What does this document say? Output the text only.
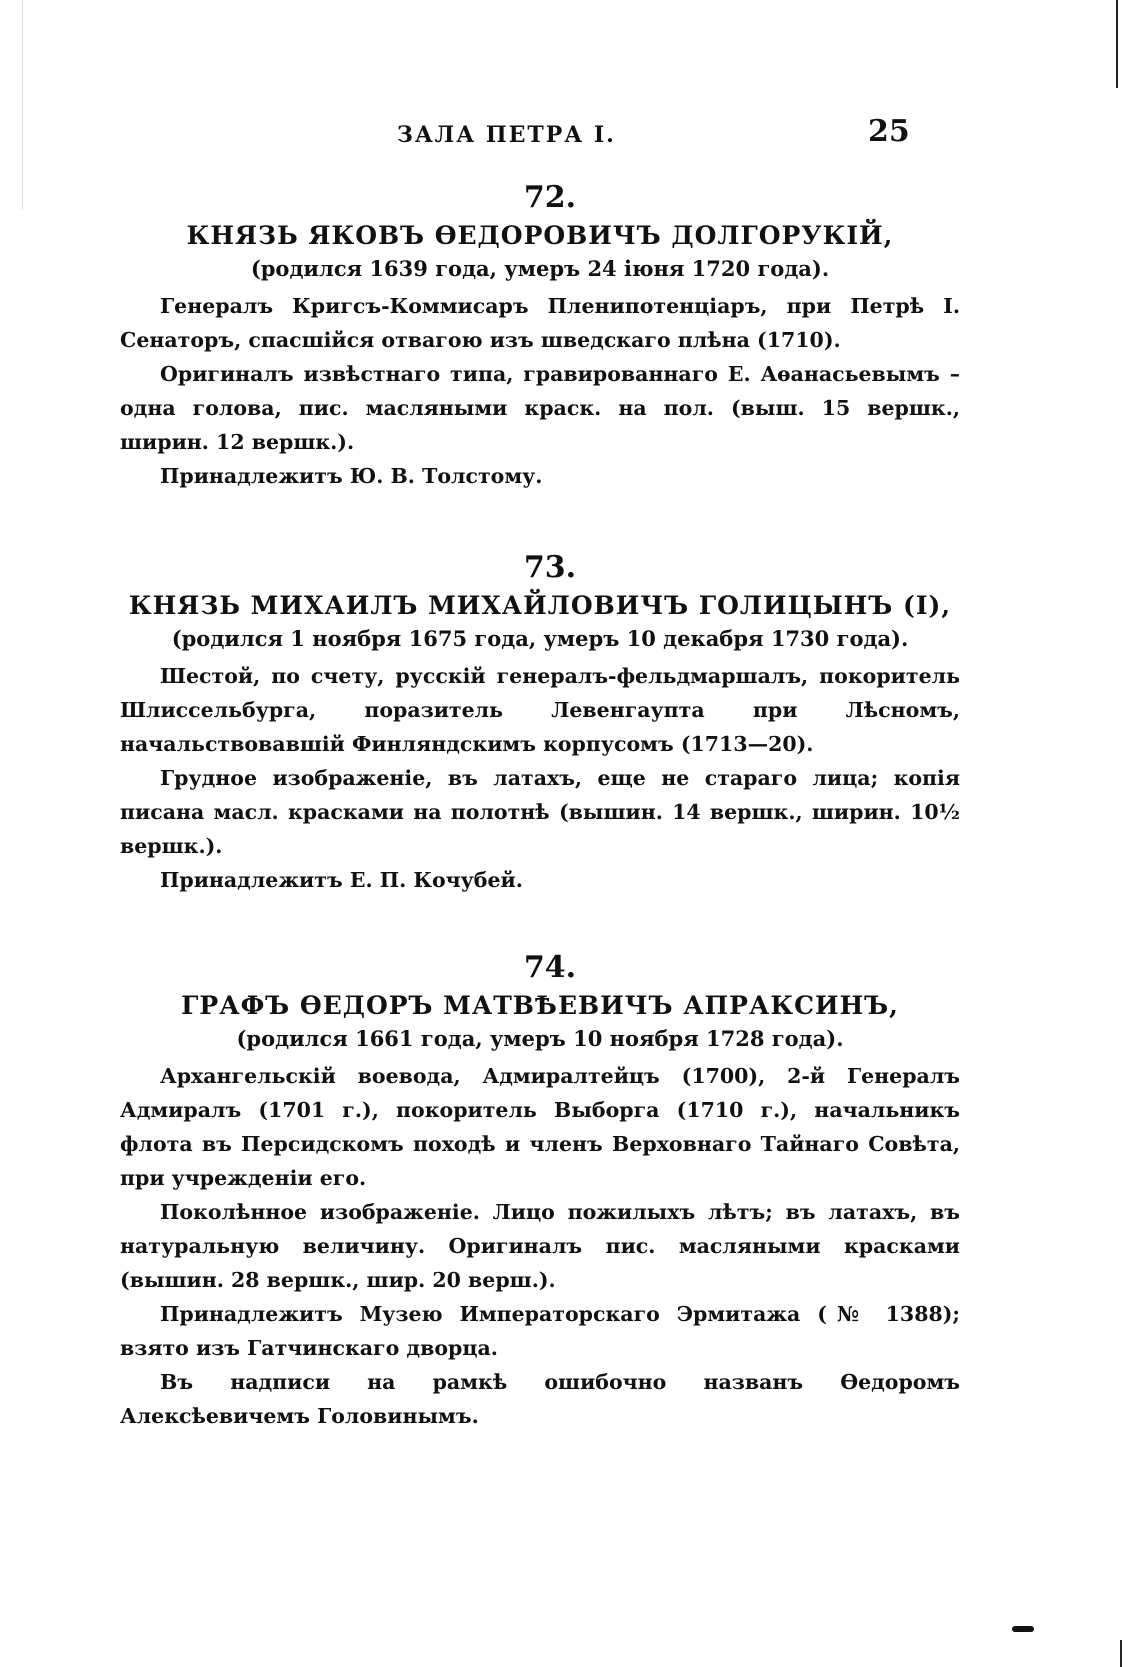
ЗАЛА ПЕТРА I.	25
72.
КНЯЗЬ ЯКОВЪ ѲЕДОРОВИЧЪ ДОЛГОРУКІЙ,
(родился 1639 года, умеръ 24 іюня 1720 года).

Генералъ Кригсъ-Коммисаръ Пленипотенціаръ, при Петрѣ I. Сенаторъ, спасшійся отвагою изъ шведскаго плѣна (1710).

Оригиналъ извѣстнаго типа, гравированнаго Е. Аѳанасьевымъ – одна голова, пис. масляными краск. на пол. (выш. 15 вершк., ширин. 12 вершк.).

Принадлежитъ Ю. В. Толстому.

73.
КНЯЗЬ МИХАИЛЪ МИХАЙЛОВИЧЪ ГОЛИЦЫНЪ (I),
(родился 1 ноября 1675 года, умеръ 10 декабря 1730 года).

Шестой, по счету, русскій генералъ-фельдмаршалъ, покоритель Шлиссельбурга, поразитель Левенгаупта при Лѣсномъ, начальствовавшій Финляндскимъ корпусомъ (1713—20).

Грудное изображеніе, въ латахъ, еще не стараго лица; копія писана масл. красками на полотнѣ (вышин. 14 вершк., ширин. 10½ вершк.).

Принадлежитъ Е. П. Кочубей.

74.
ГРАФЪ ѲЕДОРЪ МАТВѢЕВИЧЪ АПРАКСИНЪ,
(родился 1661 года, умеръ 10 ноября 1728 года).

Архангельскій воевода, Адмиралтейцъ (1700), 2-й Генералъ Адмиралъ (1701 г.), покоритель Выборга (1710 г.), начальникъ флота въ Персидскомъ походѣ и членъ Верховнаго Тайнаго Совѣта, при учрежденіи его.

Поколѣнное изображеніе. Лицо пожилыхъ лѣтъ; въ латахъ, въ натуральную величину. Оригиналъ пис. масляными красками (вышин. 28 вершк., шир. 20 верш.).

Принадлежитъ Музею Императорскаго Эрмитажа (№ 1388); взято изъ Гатчинскаго дворца.

Въ надписи на рамкѣ ошибочно названъ Ѳедоромъ Алексѣевичемъ Головинымъ.
